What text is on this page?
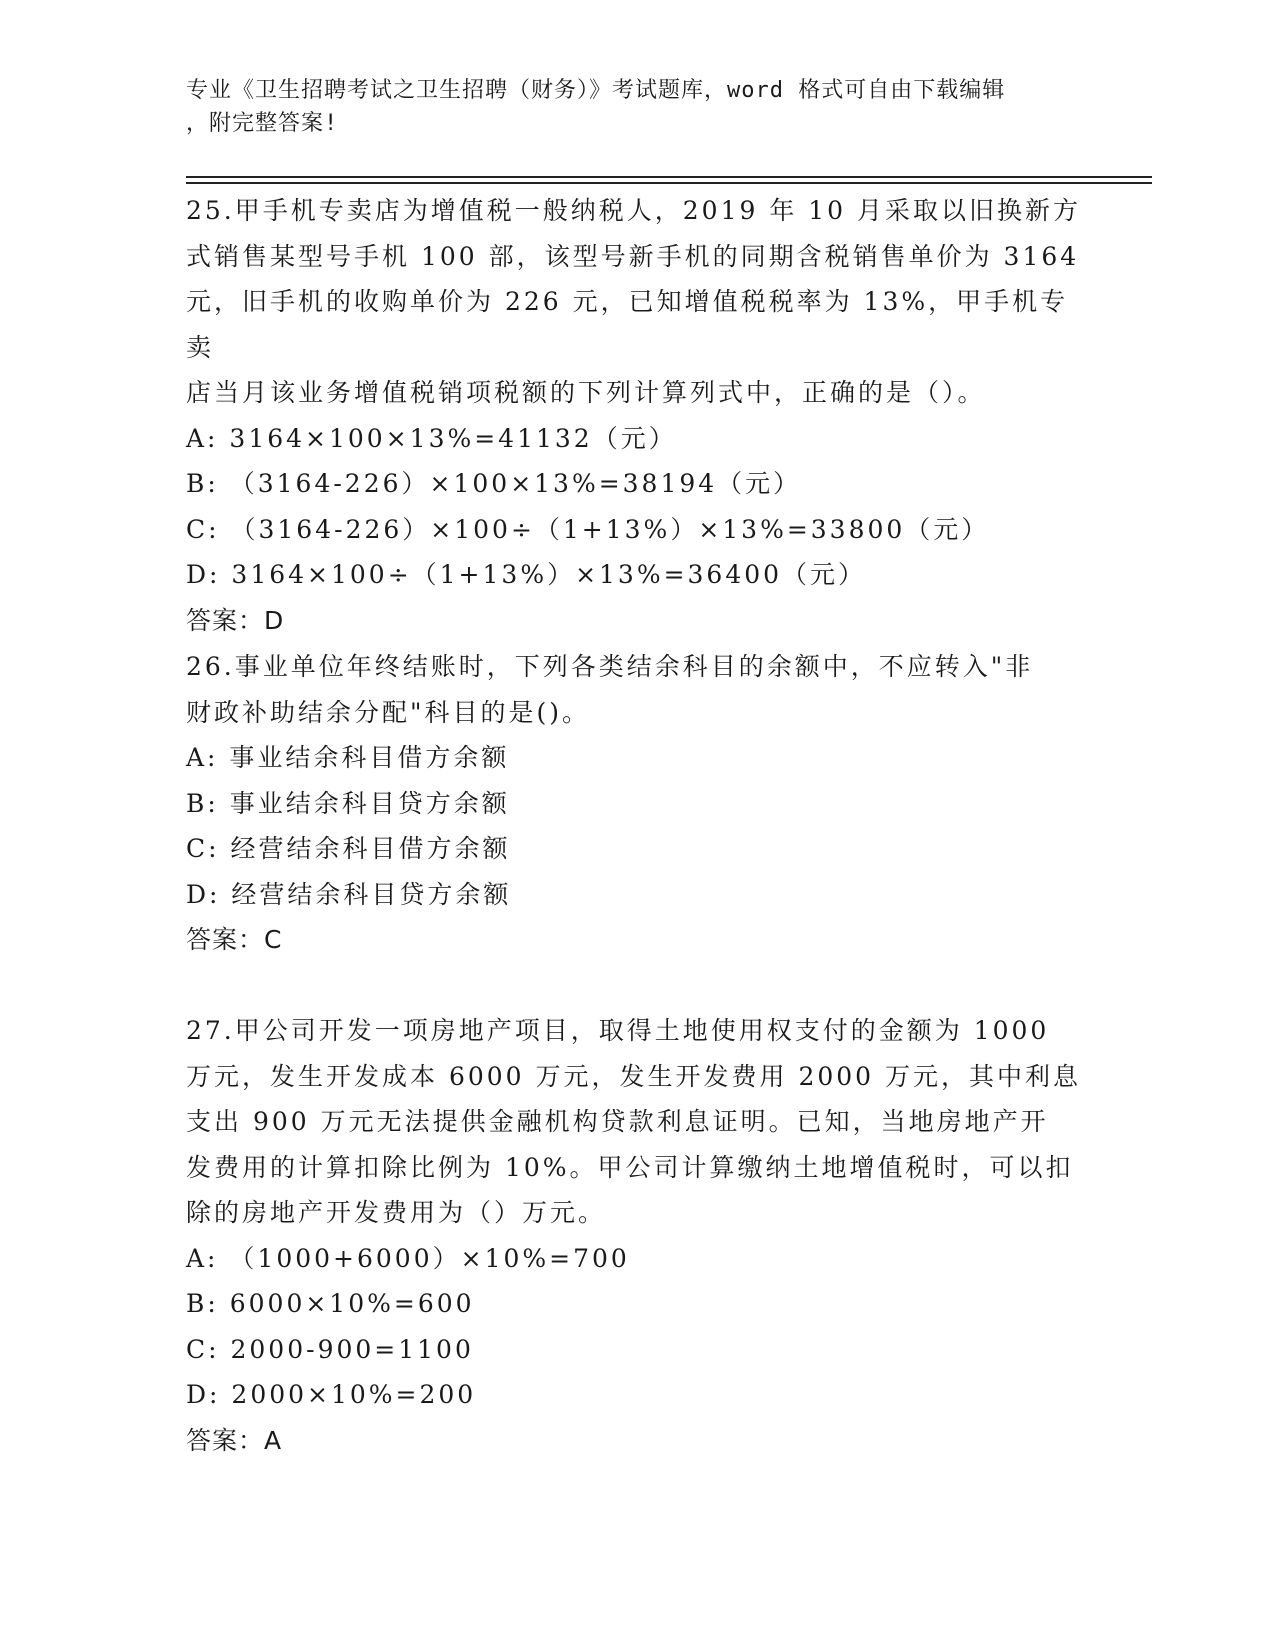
专业《卫生招聘考试之卫生招聘（财务）》考试题库，word 格式可自由下载编辑
，附完整答案!

25.甲手机专卖店为增值税一般纳税人，2019 年 10 月采取以旧换新方

式销售某型号手机 100 部，该型号新手机的同期含税销售单价为 3164

元，旧手机的收购单价为 226 元，已知增值税税率为 13%，甲手机专卖

店当月该业务增值税销项税额的下列计算列式中，正确的是（）。

A: 3164×100×13%=41132（元）

B: （3164-226）×100×13%=38194（元）

C: （3164-226）×100÷（1+13%）×13%=33800（元）

D: 3164×100÷（1+13%）×13%=36400（元）

答案：D

26.事业单位年终结账时，下列各类结余科目的余额中，不应转入"非

财政补助结余分配"科目的是()。

A: 事业结余科目借方余额

B: 事业结余科目贷方余额

C: 经营结余科目借方余额

D: 经营结余科目贷方余额

答案：C

27.甲公司开发一项房地产项目，取得土地使用权支付的金额为 1000

万元，发生开发成本 6000 万元，发生开发费用 2000 万元，其中利息

支出 900 万元无法提供金融机构贷款利息证明。已知，当地房地产开

发费用的计算扣除比例为 10%。甲公司计算缴纳土地增值税时，可以扣

除的房地产开发费用为（）万元。

A: （1000+6000）×10%=700

B: 6000×10%=600

C: 2000-900=1100

D: 2000×10%=200

答案：A
